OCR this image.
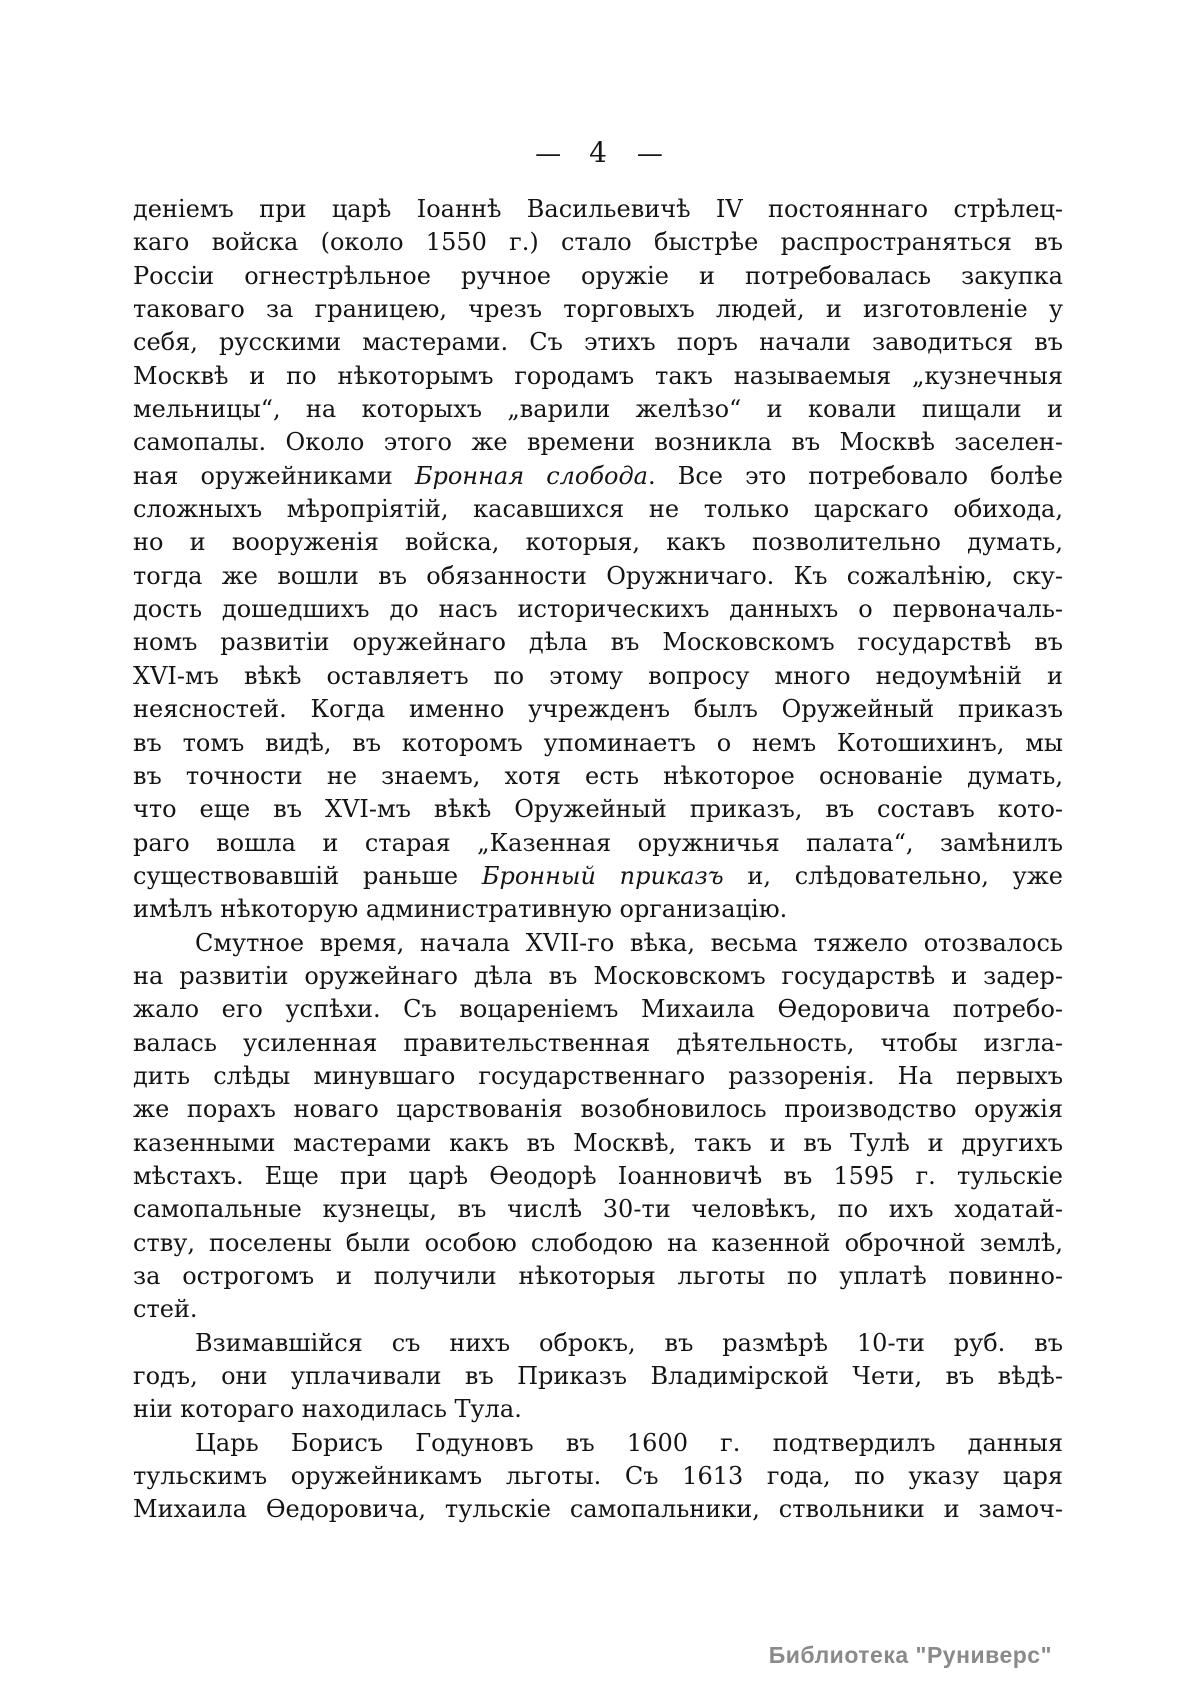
— 4 —
деніемъ при царѣ Іоаннѣ Васильевичѣ IV постояннаго стрѣлец-
каго войска (около 1550 г.) стало быстрѣе распространяться въ
Россіи огнестрѣльное ручное оружіе и потребовалась закупка
таковаго за границею, чрезъ торговыхъ людей, и изготовленіе у
себя, русскими мастерами. Съ этихъ поръ начали заводиться въ
Москвѣ и по нѣкоторымъ городамъ такъ называемыя „кузнечныя
мельницы“, на которыхъ „варили желѣзо“ и ковали пищали и
самопалы. Около этого же времени возникла въ Москвѣ заселен-
ная оружейниками Бронная слобода. Все это потребовало болѣе
сложныхъ мѣропріятій, касавшихся не только царскаго обихода,
но и вооруженія войска, которыя, какъ позволительно думать,
тогда же вошли въ обязанности Оружничаго. Къ сожалѣнію, ску-
дость дошедшихъ до насъ историческихъ данныхъ о первоначаль-
номъ развитіи оружейнаго дѣла въ Московскомъ государствѣ въ
XVI-мъ вѣкѣ оставляетъ по этому вопросу много недоумѣній и
неясностей. Когда именно учрежденъ былъ Оружейный приказъ
въ томъ видѣ, въ которомъ упоминаетъ о немъ Котошихинъ, мы
въ точности не знаемъ, хотя есть нѣкоторое основаніе думать,
что еще въ XVI-мъ вѣкѣ Оружейный приказъ, въ составъ кото-
раго вошла и старая „Казенная оружничья палата“, замѣнилъ
существовавшій раньше Бронный приказъ и, слѣдовательно, уже
имѣлъ нѣкоторую административную организацію.
Смутное время, начала XVII-го вѣка, весьма тяжело отозвалось
на развитіи оружейнаго дѣла въ Московскомъ государствѣ и задер-
жало его успѣхи. Съ воцареніемъ Михаила Ѳедоровича потребо-
валась усиленная правительственная дѣятельность, чтобы изгла-
дить слѣды минувшаго государственнаго раззоренія. На первыхъ
же порахъ новаго царствованія возобновилось производство оружія
казенными мастерами какъ въ Москвѣ, такъ и въ Тулѣ и другихъ
мѣстахъ. Еще при царѣ Ѳеодорѣ Іоанновичѣ въ 1595 г. тульскіе
самопальные кузнецы, въ числѣ 30-ти человѣкъ, по ихъ ходатай-
ству, поселены были особою слободою на казенной оброчной землѣ,
за острогомъ и получили нѣкоторыя льготы по уплатѣ повинно-
стей.
Взимавшійся съ нихъ оброкъ, въ размѣрѣ 10-ти руб. въ
годъ, они уплачивали въ Приказъ Владимірской Чети, въ вѣдѣ-
ніи котораго находилась Тула.
Царь Борисъ Годуновъ въ 1600 г. подтвердилъ данныя
тульскимъ оружейникамъ льготы. Съ 1613 года, по указу царя
Михаила Ѳедоровича, тульскіе самопальники, ствольники и замоч-
Библиотека "Руниверс"
